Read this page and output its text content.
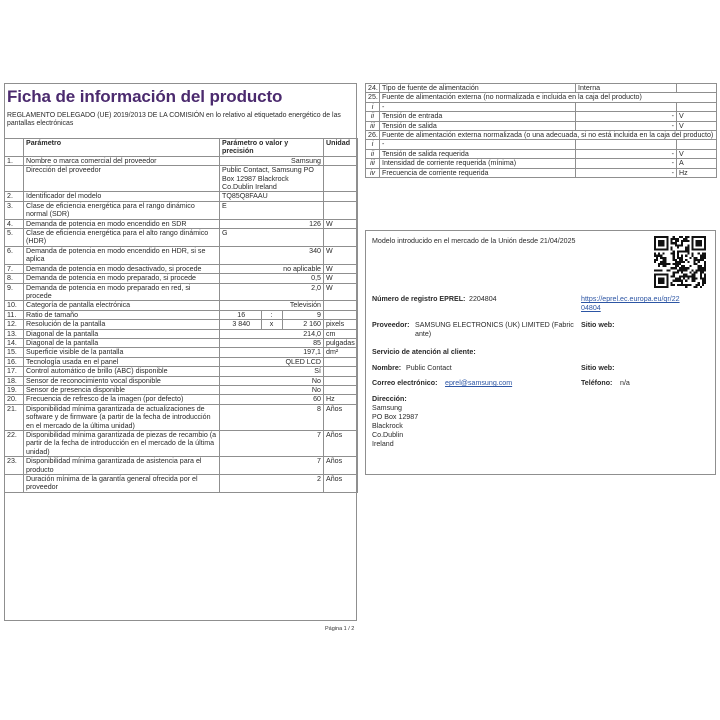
Ficha de información del producto
REGLAMENTO DELEGADO (UE) 2019/2013 DE LA COMISIÓN en lo relativo al etiquetado energético de las pantallas electrónicas
	Parámetro	Parámetro o valor y precisión	Unidad
1.	Nombre o marca comercial del proveedor	Samsung	
	Dirección del proveedor	Public Contact, Samsung PO Box 12987 Blackrock Co.Dublin Ireland	
2.	Identificador del modelo	TQ85Q8FAAU	
3.	Clase de eficiencia energética para el rango dinámico normal (SDR)	E	
4.	Demanda de potencia en modo encendido en SDR	126	W
5.	Clase de eficiencia energética para el alto rango dinámico (HDR)	G	
6.	Demanda de potencia en modo encendido en HDR, si se aplica	340	W
7.	Demanda de potencia en modo desactivado, si procede	no aplicable	W
8.	Demanda de potencia en modo preparado, si procede	0,5	W
9.	Demanda de potencia en modo preparado en red, si procede	2,0	W
10.	Categoría de pantalla electrónica	Televisión	
11.	Ratio de tamaño	16 : 9	

12.	Resolución de la pantalla	3 840 x 2 160	pixels
13.	Diagonal de la pantalla	214,0	cm
14.	Diagonal de la pantalla	85	pulgadas
15.	Superficie visible de la pantalla	197,1	dm²
16.	Tecnología usada en el panel	QLED LCD	
17.	Control automático de brillo (ABC) disponible	Sí	
18.	Sensor de reconocimiento vocal disponible	No	
19.	Sensor de presencia disponible	No	
20.	Frecuencia de refresco de la imagen (por defecto)	60	Hz
21.	Disponibilidad mínima garantizada de actualizaciones de software y de firmware (a partir de la fecha de introducción en el mercado de la última unidad)	8	Años
22.	Disponibilidad mínima garantizada de piezas de recambio (a partir de la fecha de introducción en el mercado de la última unidad)	7	Años
23.	Disponibilidad mínima garantizada de asistencia para el producto	7	Años
	Duración mínima de la garantía general ofrecida por el proveedor	2	Años
Página 1 / 2
24.	Tipo de fuente de alimentación	Interna	
25.	Fuente de alimentación externa (no normalizada e incluida en la caja del producto)		
i	-		
ii	Tensión de entrada	-	V
iii	Tensión de salida	-	V
26.	Fuente de alimentación externa normalizada (o una adecuada, si no está incluida en la caja del producto)		
i	-		
ii	Tensión de salida requerida	-	V
iii	Intensidad de corriente requerida (mínima)	-	A
iv	Frecuencia de corriente requerida	-	Hz
Modelo introducido en el mercado de la Unión desde 21/04/2025
Número de registro EPREL: 2204804	https://eprel.ec.europa.eu/qr/22
04804
Proveedor: SAMSUNG ELECTRONICS (UK) LIMITED (Fabric
ante)
Sitio web:
Servicio de atención al cliente:
Nombre: Public Contact	Sitio web:
Correo electrónico: eprel@samsung.com	Teléfono: n/a
Dirección:
Samsung
PO Box 12987
Blackrock
Co.Dublin
Ireland
